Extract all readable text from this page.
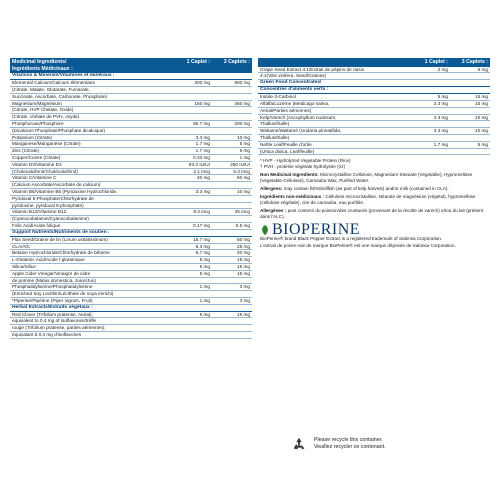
Medicinal Ingredients/
Ingrédients Médicinaux :
1 Caplet :	3 Caplets :
Vitamins & Minerals/Vitamines et minéraux :
Elemental Calcium/Calcium élémentaire	300 mg	900 mg
(Citrate, Malate, Glutarate, Fumarate,
Succinate, Ascorbate, Carbonate, Phosphate)
Magnesium/Magnésium	150 mg	450 mg
(Citrate, HVP Chelate, Oxide)
(Citrate, chélate de PVH, oxyde)
Phosphorous/Phosphore	66.7 mg	200 mg
(Dicalcium Phosphate/Phosphate dicalcique)
Potassium (Citrate)	3.3 mg	10 mg
Manganese/Manganèse (Citrate)	1.7 mg	5 mg
Zinc (Citrate)	1.7 mg	5 mg
Copper/Cuivre (Citrate)	0.33 mg	1 mg
Vitamin D3/Vitamine D3	83.3 IU/UI	250 IU/UI
(Cholecalciferol/Cholécalciférol)	2.1 mcg	6.3 mcg
Vitamin C/Vitamine C	20 mg	60 mg
(Calcium Ascorbate/Ascorbate de calcium)
Vitamin B6/Vitamine B6 (Pyridoxine Hydrochloride,	3.3 mg	10 mg
Pyridoxal 5-Phosphate/Chlorhydrate de
pyridoxine, pyridoxal 5-phosphate)
Vitamin B12/Vitamine B12	8.3 mcg	25 mcg
(Cyanocobalamin/Cyanocobalamine)
Folic Acid/Acide folique	0.17 mg	0.5 mg
Support Nutrients/Nutriments de soutien :
Flax Seed/Graine de lin (Linum usitatissimum)	16.7 mg	50 mg
CLA/AlC	8.3 mg	25 mg
Betaine Hydrochloride/Chlorhydrate de bétaïne	6.7 mg	20 mg
L-Glutamic Acid/Acide l-glutamique	5 mg	15 mg
Silica/Silice	5 mg	15 mg
Apple Cider Vinegar/Vinaigre de cidre	5 mg	15 mg
de pomme (Malus domestica, Juice/Jus)
Phosphatidylserine/Phosphatidylsérine	1 mg	3 mg
(Enriched Soy Lecithin/Lécithine de soya enrichi)
*Piperine/Pipérine (Piper nigrum, Fruit)	1 mg	3 mg
Herbal Extracts/Extraits végétaux :
Red Clover (Trifolium pratense, Aerial);	5 mg	15 mg
equivalent to 0.4 mg of Isoflavones/trèfle
rouge (Trifolium pratense, parties aériennes);
équivalant à 0,4 mg d'isoflavones
1 Caplet :	3 Caplets :
Grape Seed Extract 4:1/Extrait de pépins de raisin	2 mg	6 mg
4:1(Vitis vinifera, Seed/Graines)
Green Food Concentrates/
Concentrés d'aliments verts :
Indole-3-Carbinol	5 mg	15 mg
Alfalfa/Luzerne (Medicago sativa,	3.3 mg	10 mg
Aerial/Parties aériennes)
Kelp/Varech (Ascophyllum nodosum,	3.3 mg	10 mg
Thallus/thalle)
Wakame/Wakamé (Undaria pinnatifida,	3.3 mg	10 mg
Thallus/thalle)
Nettle Leaf/Feuille d'ortie	1.7 mg	5 mg
(Urtica dioica, Leaf/feuille)

* HVP - Hydrolyzed Vegetable Protein (Rice)
† PVH : protéine végétale hydrolysée (riz)

Non Medicinal Ingredients: Microcrystalline Cellulose, Magnesium Stearate (Vegetable), Hypromellose (Vegetable Cellulose), Carnauba Wax, Purified Water.

Allergens: may contain fish/shellfish (as part of kelp harvest) and/or milk (contained in CLA).

Ingrédients non-médicinaux : Cellulose microcristalline, stéarate de magnésium (végétal), hypromellose (cellulose végétale), cire de carnauba, eau purifiée.

Allergènes : peut contenir du poisson/des crustacés (provenant de la récolte de varech) et/ou du lait (présent dans l'ALC).

BIOPERINE

BioPerine® brand Black Pepper Extract is a registered trademark of Sabinsa Corporation.

L'extrait de poivre noir de marque BioPerine® est une marque déposée de Sabinsa Corporation.

Please recycle this container.
Veuillez recycler ce contenant.
